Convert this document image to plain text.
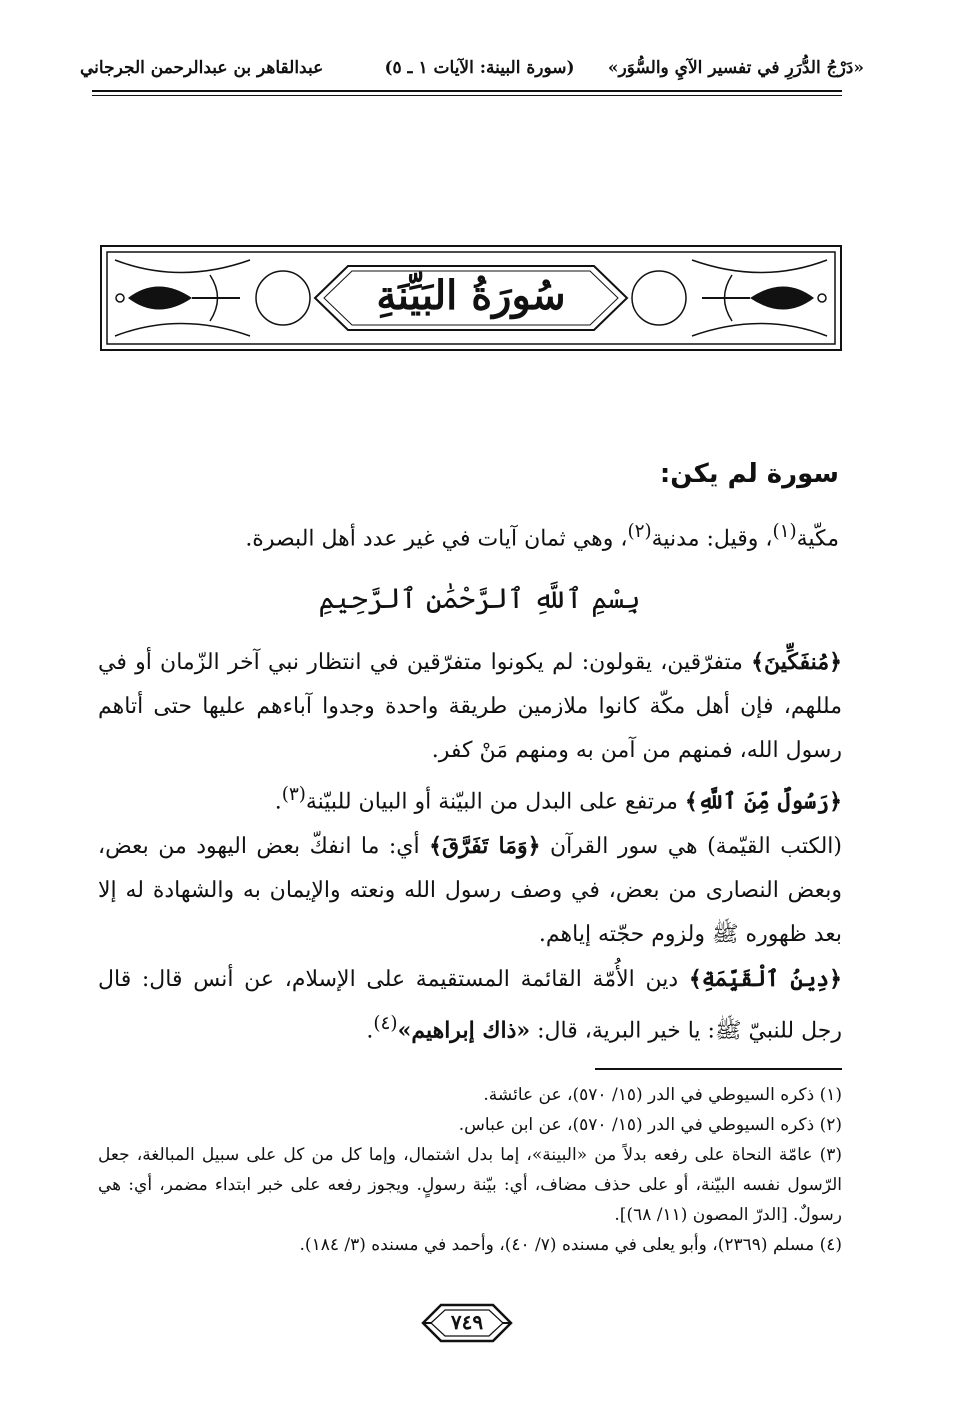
«دَرْجُ الدُّرَرِ في تفسير الآيِ والسُّوَر»
(سورة البينة: الآيات ١ ـ ٥)
عبدالقاهر بن عبدالرحمن الجرجاني
سُورَةُ البَيِّنَةِ
سورة لم يكن:
مكّية$^{(١)}$، وقيل: مدنية$^{(٢)}$، وهي ثمان آيات في غير عدد أهل البصرة.
بِسْمِ ٱللَّهِ ٱلرَّحْمَٰنِ ٱلرَّحِيمِ

﴿مُنفَكِّينَ﴾ متفرّقين، يقولون: لم يكونوا متفرّقين في انتظار نبي آخر الزّمان أو في مللهم، فإن أهل مكّة كانوا ملازمين طريقة واحدة وجدوا آباءهم عليها حتى أتاهم رسول الله، فمنهم من آمن به ومنهم مَنْ كفر.

﴿رَسُولٌ مِّنَ ٱللَّهِ﴾ مرتفع على البدل من البيّنة أو البيان للبيّنة$^{(٣)}$.

(الكتب القيّمة) هي سور القرآن ﴿وَمَا تَفَرَّقَ﴾ أي: ما انفكّ بعض اليهود من بعض، وبعض النصارى من بعض، في وصف رسول الله ونعته والإيمان به والشهادة له إلا بعد ظهوره ﷺ ولزوم حجّته إياهم.

﴿دِينُ ٱلْقَيِّمَةِ﴾ دين الأُمّة القائمة المستقيمة على الإسلام، عن أنس قال: قال رجل للنبيّ ﷺ: يا خير البرية، قال: «ذاك إبراهيم»$^{(٤)}$.

(١) ذكره السيوطي في الدر (١٥/ ٥٧٠)، عن عائشة.

(٢) ذكره السيوطي في الدر (١٥/ ٥٧٠)، عن ابن عباس.

(٣) عامّة النحاة على رفعه بدلاً من «البينة»، إما بدل اشتمال، وإما كل من كل على سبيل المبالغة، جعل الرّسول نفسه البيّنة، أو على حذف مضاف، أي: بيّنة رسولٍ. ويجوز رفعه على خبر ابتداء مضمر، أي: هي رسولٌ. [الدرّ المصون (١١/ ٦٨)].

(٤) مسلم (٢٣٦٩)، وأبو يعلى في مسنده (٧/ ٤٠)، وأحمد في مسنده (٣/ ١٨٤).

٧٤٩
